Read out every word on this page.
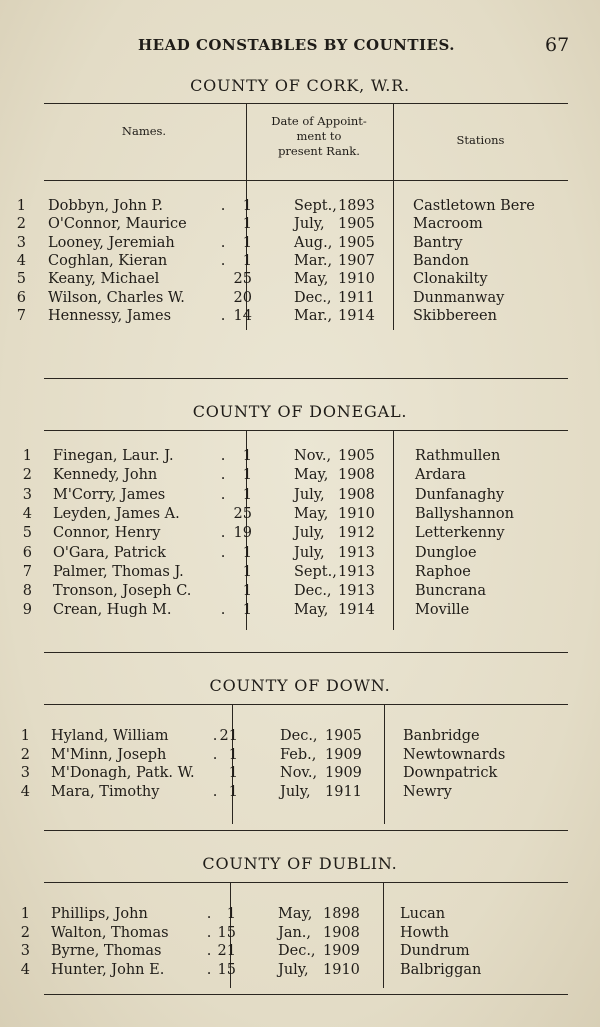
HEAD CONSTABLES BY COUNTIES.	67
COUNTY OF CORK, W.R.
Names.
Date of Appoint-
ment to
present Rank.
Stations
1 Dobbyn, John P.	.	1	Sept., 1893	Castletown Bere
2 O'Connor, Maurice	1	July, 1905	Macroom
3 Looney, Jeremiah	.	1	Aug., 1905	Bantry
4 Coghlan, Kieran	.	1	Mar., 1907	Bandon
5 Keany, Michael	25	May, 1910	Clonakilty
6 Wilson, Charles W.	20	Dec., 1911	Dunmanway
7 Hennessy, James	. 14	Mar., 1914	Skibbereen
COUNTY OF DONEGAL.
1 Finegan, Laur. J.	.	1	Nov., 1905	Rathmullen
2 Kennedy, John	.	1	May, 1908	Ardara
3 M'Corry, James	.	1	July, 1908	Dunfanaghy
4 Leyden, James A.	25	May, 1910	Ballyshannon
5 Connor, Henry	. 19	July, 1912	Letterkenny
6 O'Gara, Patrick	.	1	July, 1913	Dungloe
7 Palmer, Thomas J.	1	Sept., 1913	Raphoe
8 Tronson, Joseph C.	1	Dec., 1913	Buncrana
9 Crean, Hugh M.	.	1	May, 1914	Moville
COUNTY OF DOWN.
1 Hyland, William	. 21	Dec., 1905	Banbridge
2 M'Minn, Joseph	. 1	Feb., 1909	Newtownards
3 M'Donagh, Patk. W.	1	Nov., 1909	Downpatrick
4 Mara, Timothy	. 1	July, 1911	Newry
COUNTY OF DUBLIN.
1 Phillips, John	.	1	May, 1898	Lucan
2 Walton, Thomas	. 15	Jan., 1908	Howth
3 Byrne, Thomas	. 21	Dec., 1909	Dundrum
4 Hunter, John E.	. 15	July, 1910	Balbriggan
